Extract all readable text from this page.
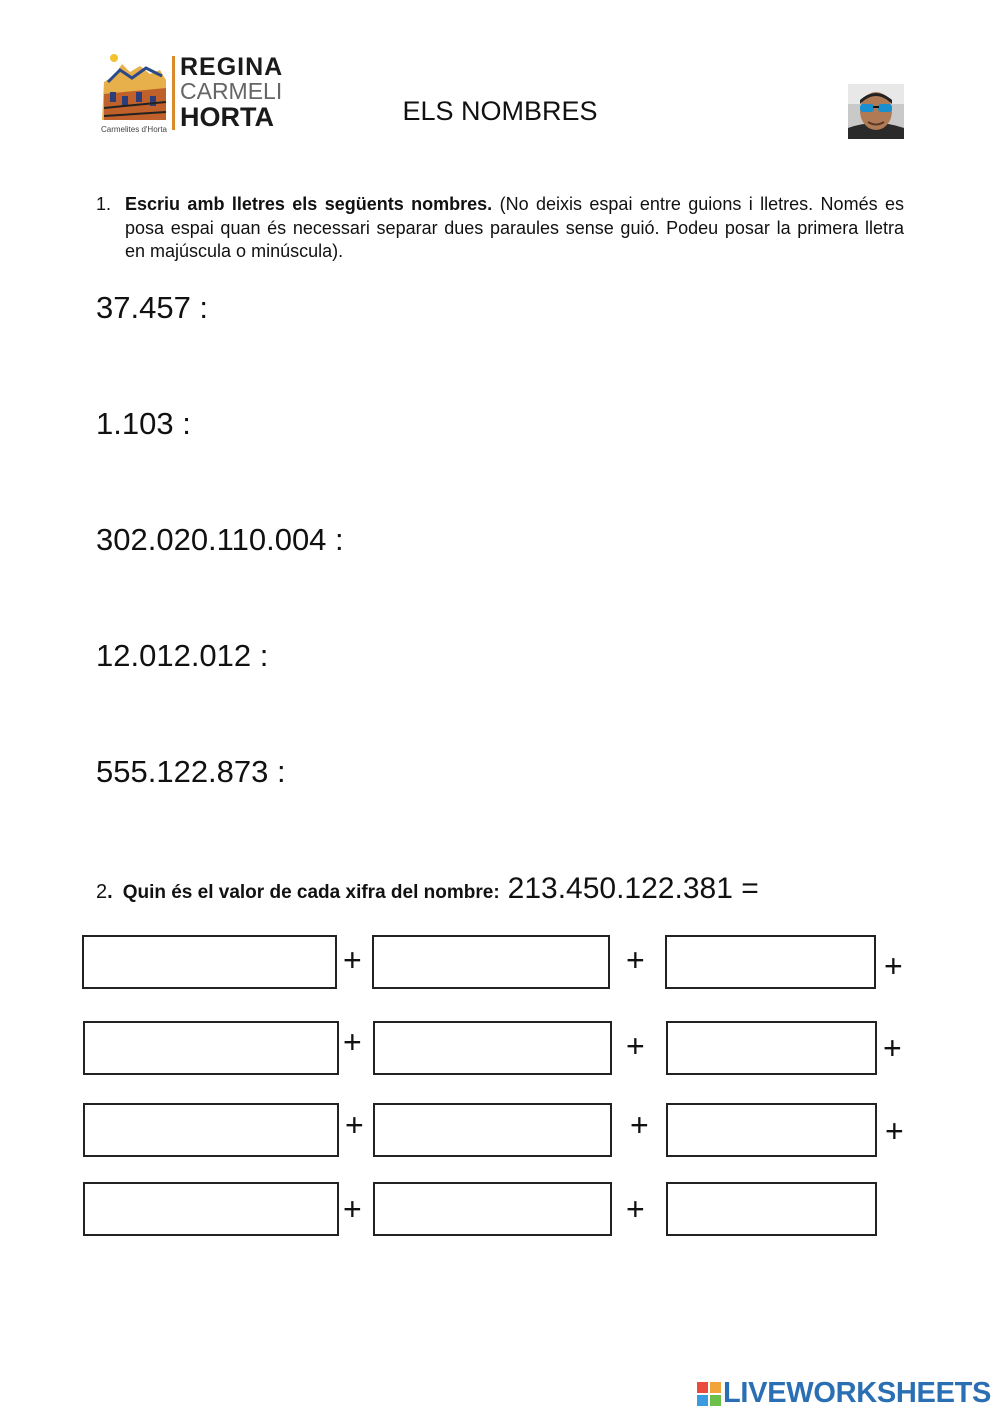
REGINA
CARMELI
HORTA
Carmelites d'Horta
ELS NOMBRES
1. Escriu amb lletres els següents nombres. (No deixis espai entre guions i lletres. Només es posa espai quan és necessari separar dues paraules sense guió. Podeu posar la primera lletra en majúscula o minúscula).
37.457 :
1.103 :
302.020.110.004 :
12.012.012 :
555.122.873 :
2. Quin és el valor de cada xifra del nombre: 213.450.122.381 =
+	+	+
+	+	+
+	+	+
+	+
LIVEWORKSHEETS
